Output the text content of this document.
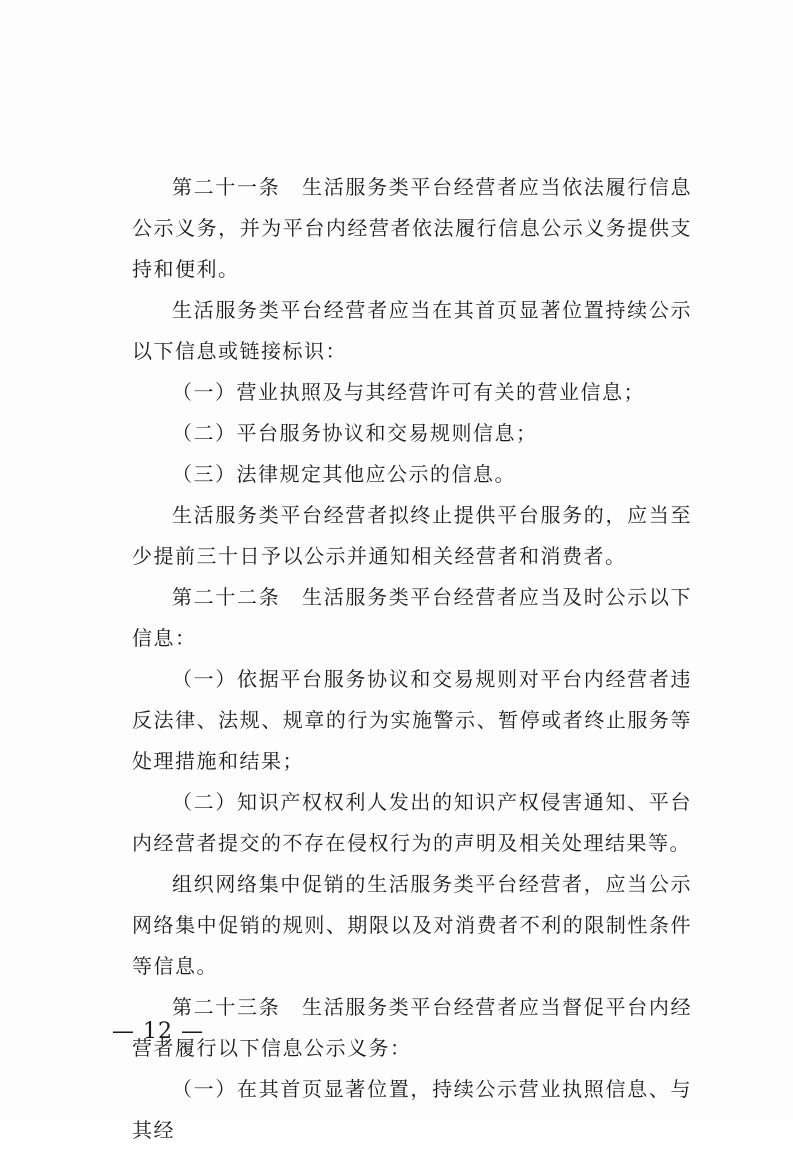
第二十一条　生活服务类平台经营者应当依法履行信息公示义务，并为平台内经营者依法履行信息公示义务提供支持和便利。

生活服务类平台经营者应当在其首页显著位置持续公示以下信息或链接标识：

（一）营业执照及与其经营许可有关的营业信息；

（二）平台服务协议和交易规则信息；

（三）法律规定其他应公示的信息。

生活服务类平台经营者拟终止提供平台服务的，应当至少提前三十日予以公示并通知相关经营者和消费者。

第二十二条　生活服务类平台经营者应当及时公示以下信息：

（一）依据平台服务协议和交易规则对平台内经营者违反法律、法规、规章的行为实施警示、暂停或者终止服务等处理措施和结果；

（二）知识产权权利人发出的知识产权侵害通知、平台内经营者提交的不存在侵权行为的声明及相关处理结果等。

组织网络集中促销的生活服务类平台经营者，应当公示网络集中促销的规则、期限以及对消费者不利的限制性条件等信息。

第二十三条　生活服务类平台经营者应当督促平台内经营者履行以下信息公示义务：

（一）在其首页显著位置，持续公示营业执照信息、与其经

— 12 —
